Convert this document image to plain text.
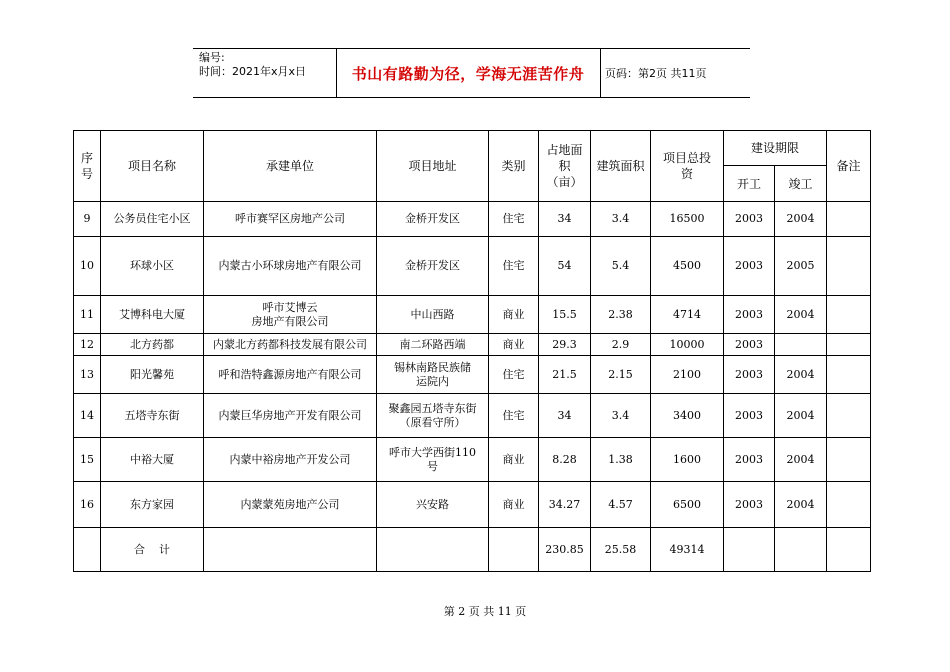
编号:
时间：2021年x月x日	书山有路勤为径，学海无涯苦作舟	页码：第2页 共11页
序号	项目名称	承建单位	项目地址	类别	占地面积（亩）	建筑面积	项目总投 资	建设期限		备注
								开工	竣工	
9	公务员住宅小区	呼市赛罕区房地产公司	金桥开发区	住宅	34	3.4	16500	2003	2004	
10	环球小区	内蒙古小环球房地产有限公司	金桥开发区	住宅	54	5.4	4500	2003	2005	
11	艾博科电大厦	呼市艾博云
房地产有限公司	中山西路	商业	15.5	2.38	4714	2003	2004	
12	北方药都	内蒙北方药都科技发展有限公司	南二环路西端	商业	29.3	2.9	10000	2003		
13	阳光馨苑	呼和浩特鑫源房地产有限公司	锡林南路民族储
运院内	住宅	21.5	2.15	2100	2003	2004	
14	五塔寺东街	内蒙巨华房地产开发有限公司	聚鑫园五塔寺东街
（原看守所）	住宅	34	3.4	3400	2003	2004	
15	中裕大厦	内蒙中裕房地产开发公司	呼市大学西街110
号	商业	8.28	1.38	1600	2003	2004	
16	东方家园	内蒙蒙苑房地产公司	兴安路	商业	34.27	4.57	6500	2003	2004	
	合    计				230.85	25.58	49314			
第 2 页 共 11 页
